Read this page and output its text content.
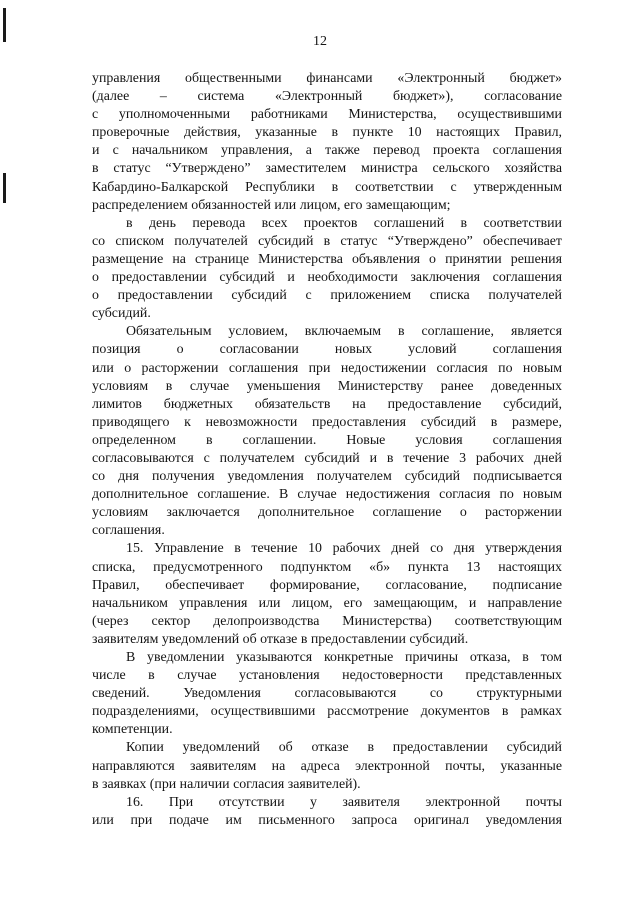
12
управления общественными финансами «Электронный бюджет»
(далее – система «Электронный бюджет»), согласование
с уполномоченными работниками Министерства, осуществившими
проверочные действия, указанные в пункте 10 настоящих Правил,
и с начальником управления, а также перевод проекта соглашения
в статус “Утверждено” заместителем министра сельского хозяйства
Кабардино-Балкарской Республики в соответствии с утвержденным
распределением обязанностей или лицом, его замещающим;
в день перевода всех проектов соглашений в соответствии
со списком получателей субсидий в статус “Утверждено” обеспечивает
размещение на странице Министерства объявления о принятии решения
о предоставлении субсидий и необходимости заключения соглашения
о предоставлении субсидий с приложением списка получателей
субсидий.
Обязательным условием, включаемым в соглашение, является
позиция о согласовании новых условий соглашения
или о расторжении соглашения при недостижении согласия по новым
условиям в случае уменьшения Министерству ранее доведенных
лимитов бюджетных обязательств на предоставление субсидий,
приводящего к невозможности предоставления субсидий в размере,
определенном в соглашении. Новые условия соглашения
согласовываются с получателем субсидий и в течение 3 рабочих дней
со дня получения уведомления получателем субсидий подписывается
дополнительное соглашение. В случае недостижения согласия по новым
условиям заключается дополнительное соглашение о расторжении
соглашения.
15. Управление в течение 10 рабочих дней со дня утверждения
списка, предусмотренного подпунктом «б» пункта 13 настоящих
Правил, обеспечивает формирование, согласование, подписание
начальником управления или лицом, его замещающим, и направление
(через сектор делопроизводства Министерства) соответствующим
заявителям уведомлений об отказе в предоставлении субсидий.
В уведомлении указываются конкретные причины отказа, в том
числе в случае установления недостоверности представленных
сведений. Уведомления согласовываются со структурными
подразделениями, осуществившими рассмотрение документов в рамках
компетенции.
Копии уведомлений об отказе в предоставлении субсидий
направляются заявителям на адреса электронной почты, указанные
в заявках (при наличии согласия заявителей).
16. При отсутствии у заявителя электронной почты
или при подаче им письменного запроса оригинал уведомления
